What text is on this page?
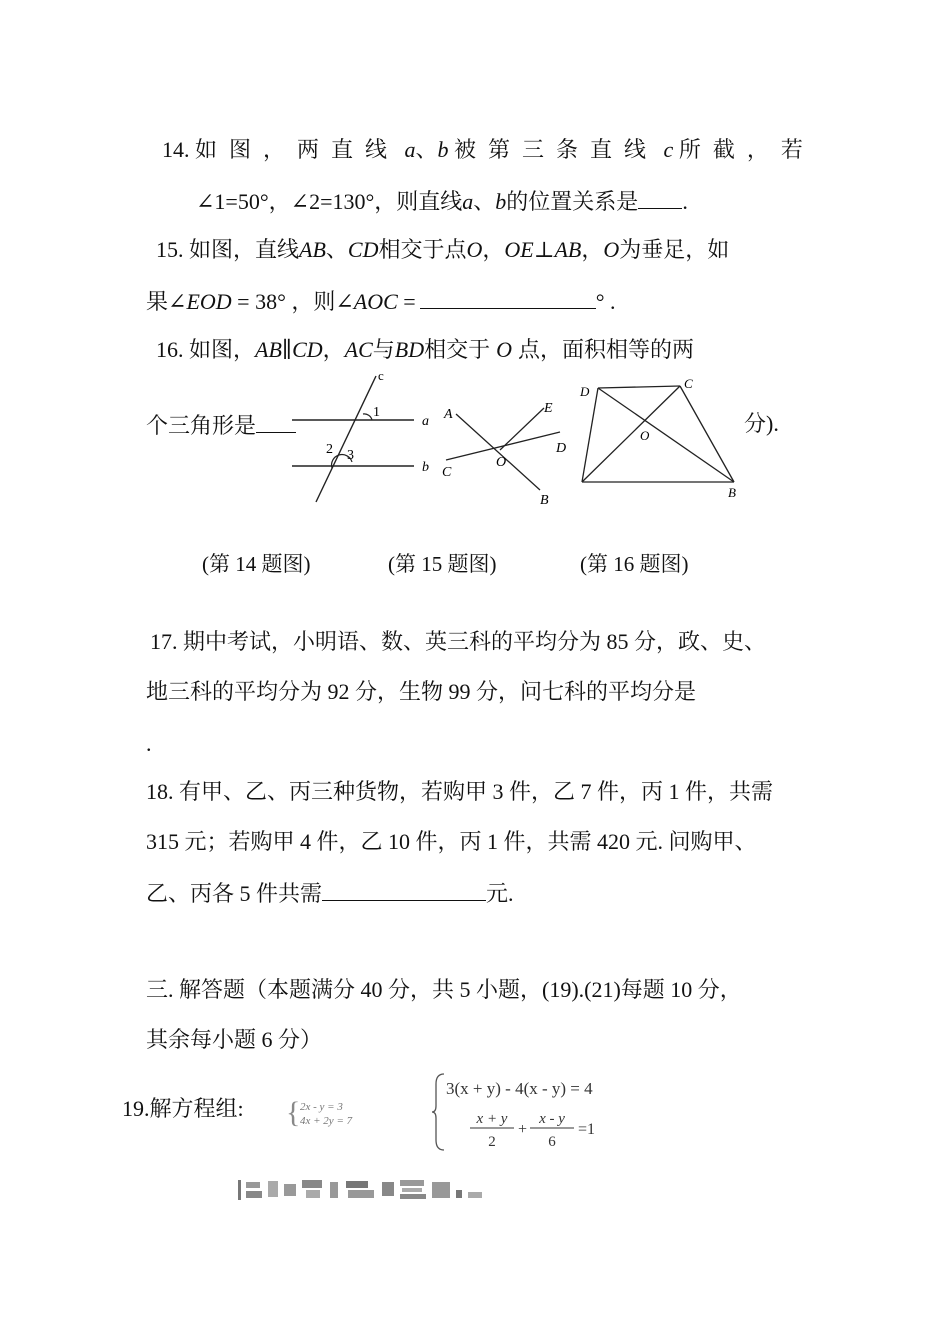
14. 如图，两直线 a、b 被第三条直线 c 所截，若
∠1=50°，∠2=130°，则直线a、b的位置关系是 .
15. 如图，直线AB、CD相交于点O，OE⊥AB，O为垂足，如
果∠EOD = 38° ，则∠AOC =	° .
16. 如图，AB∥CD，AC与BD相交于 O 点，面积相等的两
个三角形是	分).
c
1
a
2 3
b
A	E
D
C
O
B
D
C
O
B
(第 14 题图)	(第 15 题图)	(第 16 题图)
17. 期中考试，小明语、数、英三科的平均分为 85 分，政、史、
地三科的平均分为 92 分，生物 99 分，问七科的平均分是
.
18. 有甲、乙、丙三种货物，若购甲 3 件，乙 7 件，丙 1 件，共需
315 元；若购甲 4 件，乙 10 件，丙 1 件，共需 420 元. 问购甲、
乙、丙各 5 件共需	元.
三. 解答题（本题满分 40 分，共 5 小题，(19).(21)每题 10 分，
其余每小题 6 分）
19.解方程组: { 2x - y = 3
4x + 2y = 7
3(x + y) - 4(x - y) = 4
x + y
2
+
x - y
6
=1
